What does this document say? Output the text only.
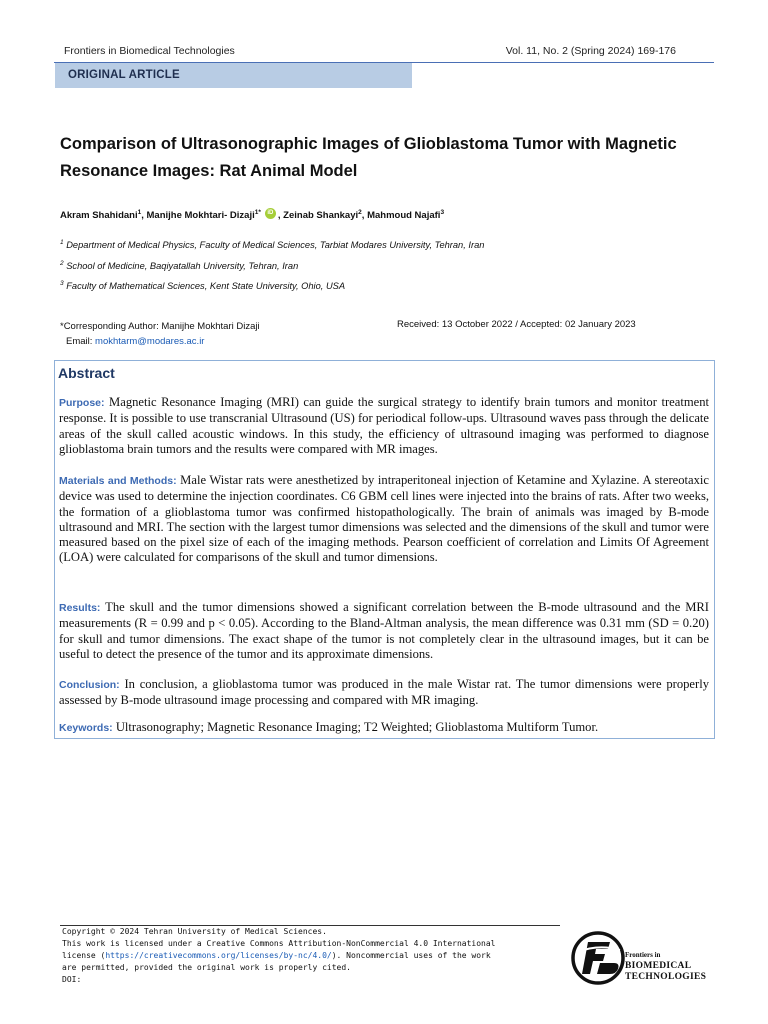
Frontiers in Biomedical Technologies	Vol. 11, No. 2 (Spring 2024) 169-176
ORIGINAL ARTICLE
Comparison of Ultrasonographic Images of Glioblastoma Tumor with Magnetic Resonance Images: Rat Animal Model
Akram Shahidani$^1$, Manijhe Mokhtari- Dizaji$^{1*}$	iD , Zeinab Shankayi$^2$, Mahmoud Najafi$^3$
$^1$ Department of Medical Physics, Faculty of Medical Sciences, Tarbiat Modares University, Tehran, Iran
$^2$ School of Medicine, Baqiyatallah University, Tehran, Iran
$^3$ Faculty of Mathematical Sciences, Kent State University, Ohio, USA
*Corresponding Author: Manijhe Mokhtari Dizaji
Email: mokhtarm@modares.ac.ir
Received: 13 October 2022 / Accepted: 02 January 2023
Abstract
Purpose: Magnetic Resonance Imaging (MRI) can guide the surgical strategy to identify brain tumors and monitor treatment response. It is possible to use transcranial Ultrasound (US) for periodical follow-ups. Ultrasound waves pass through the delicate areas of the skull called acoustic windows. In this study, the efficiency of ultrasound imaging was performed to diagnose glioblastoma brain tumors and the results were compared with MR images.
Materials and Methods: Male Wistar rats were anesthetized by intraperitoneal injection of Ketamine and Xylazine. A stereotaxic device was used to determine the injection coordinates. C6 GBM cell lines were injected into the brains of rats. After two weeks, the formation of a glioblastoma tumor was confirmed histopathologically. The brain of animals was imaged by B-mode ultrasound and MRI. The section with the largest tumor dimensions was selected and the dimensions of the skull and tumor were measured based on the pixel size of each of the imaging methods. Pearson coefficient of correlation and Limits Of Agreement (LOA) were calculated for comparisons of the skull and tumor dimensions.
Results: The skull and the tumor dimensions showed a significant correlation between the B-mode ultrasound and the MRI measurements (R = 0.99 and p < 0.05). According to the Bland-Altman analysis, the mean difference was 0.31 mm (SD = 0.20) for skull and tumor dimensions. The exact shape of the tumor is not completely clear in the ultrasound images, but it can be useful to detect the presence of the tumor and its approximate dimensions.
Conclusion: In conclusion, a glioblastoma tumor was produced in the male Wistar rat. The tumor dimensions were properly assessed by B-mode ultrasound image processing and compared with MR imaging.
Keywords: Ultrasonography; Magnetic Resonance Imaging; T2 Weighted; Glioblastoma Multiform Tumor.
Copyright © 2024 Tehran University of Medical Sciences.
This work is licensed under a Creative Commons Attribution-NonCommercial 4.0 International
license (https://creativecommons.org/licenses/by-nc/4.0/). Noncommercial uses of the work
are permitted, provided the original work is properly cited.
DOI:
Frontiers in
BIOMEDICAL
TECHNOLOGIES
